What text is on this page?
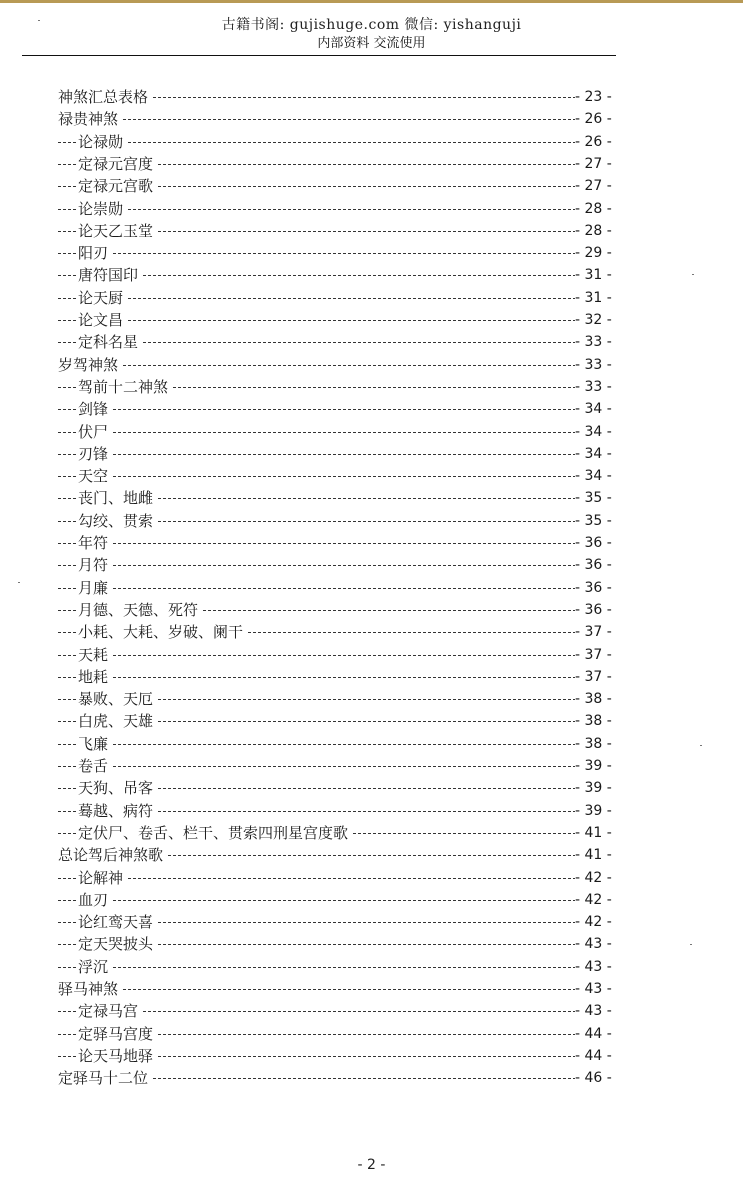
古籍书阁: gujishuge.com 微信: yishanguji
内部资料 交流使用
神煞汇总表格	- 23 -
禄贵神煞	- 26 -
论禄勋	- 26 -
定禄元宫度	- 27 -
定禄元宫歌	- 27 -
论崇勋	- 28 -
论天乙玉堂	- 28 -
阳刃	- 29 -
唐符国印	- 31 -
论天厨	- 31 -
论文昌	- 32 -
定科名星	- 33 -
岁驾神煞	- 33 -
驾前十二神煞	- 33 -
剑锋	- 34 -
伏尸	- 34 -
刃锋	- 34 -
天空	- 34 -
丧门、地雌	- 35 -
勾绞、贯索	- 35 -
年符	- 36 -
月符	- 36 -
月廉	- 36 -
月德、天德、死符	- 36 -
小耗、大耗、岁破、阑干	- 37 -
天耗	- 37 -
地耗	- 37 -
暴败、天厄	- 38 -
白虎、天雄	- 38 -
飞廉	- 38 -
卷舌	- 39 -
天狗、吊客	- 39 -
蓦越、病符	- 39 -
定伏尸、卷舌、栏干、贯索四刑星宫度歌	- 41 -
总论驾后神煞歌	- 41 -
论解神	- 42 -
血刃	- 42 -
论红鸾天喜	- 42 -
定天哭披头	- 43 -
浮沉	- 43 -
驿马神煞	- 43 -
定禄马宫	- 43 -
定驿马宫度	- 44 -
论天马地驿	- 44 -
定驿马十二位	- 46 -
- 2 -
